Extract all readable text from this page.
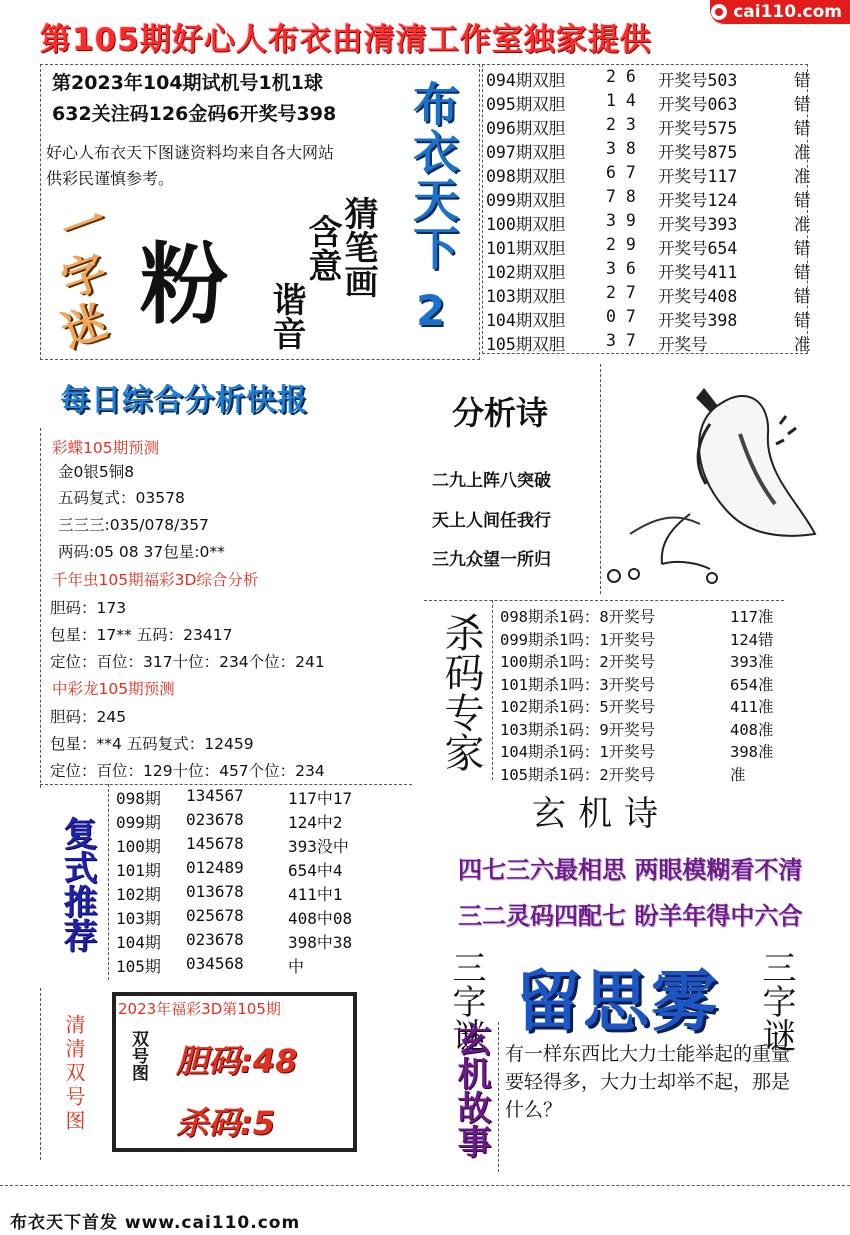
第105期好心人布衣由清清工作室独家提供
cai110.com
第2023年104期试机号1机1球
632关注码126金码6开奖号398
好心人布衣天下图谜资料均来自各大网站
供彩民谨慎参考。
一
字
迷 粉	猜笔画
含意
谐音
布衣天下
2
094期双胆 2 6 开奖号503	错
095期双胆 1 4 开奖号063	错
096期双胆 2 3 开奖号575	错
097期双胆 3 8 开奖号875	准
098期双胆 6 7 开奖号117	准
099期双胆 7 8 开奖号124	错
100期双胆 3 9 开奖号393	准
101期双胆 2 9 开奖号654	错
102期双胆 3 6 开奖号411	错
103期双胆 2 7 开奖号408	错
104期双胆 0 7 开奖号398	错
105期双胆 3 7 开奖号	准
每日综合分析快报
彩蝶105期预测
金0银5铜8
五码复式：03578
三三三:035/078/357
两码:05 08 37包星:0**
千年虫105期福彩3D综合分析
胆码：173
包星：17** 五码：23417
定位：百位：317十位：234个位：241
中彩龙105期预测
胆码：245
包星：**4 五码复式：12459
定位：百位：129十位：457个位：234
分析诗
二九上阵八突破
天上人间任我行
三九众望一所归
杀码专家	098期杀1码：8开奖号	117准
099期杀1吗：1开奖号	124错
100期杀1吗：2开奖号	393准
101期杀1吗：3开奖号	654准
102期杀1码：5开奖号	411准
103期杀1码：9开奖号	408准
104期杀1码：1开奖号	398准
105期杀1码：2开奖号	准
复式推荐
098期 134567	117中17
099期 023678	124中2
100期 145678	393没中
101期 012489	654中4
102期 013678	411中1
103期 025678	408中08
104期 023678	398中38
105期 034568	中
玄机诗
四七三六最相思 两眼模糊看不清
三二灵码四配七 盼羊年得中六合
三字谜 留思雾 三字谜
玄机故事 有一样东西比大力士能举起的重量要轻得多，大力士却举不起，那是什么？
清清双号图
2023年福彩3D第105期
双号图 胆码:48
杀码:5
布衣天下首发 www.cai110.com
